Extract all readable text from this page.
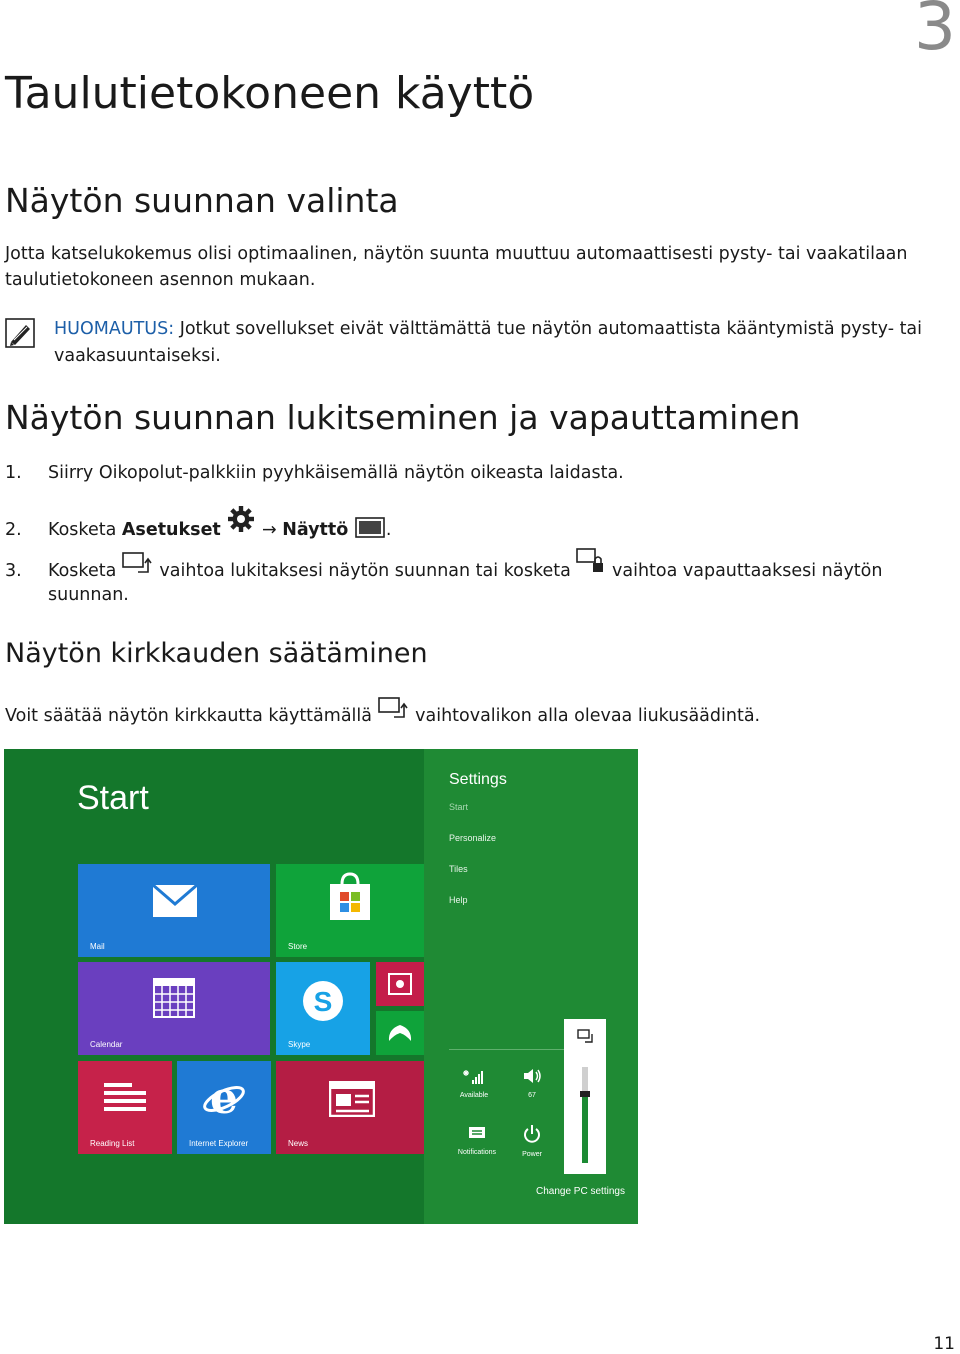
3
Taulutietokoneen käyttö
Näytön suunnan valinta

Jotta katselukokemus olisi optimaalinen, näytön suunta muuttuu automaattisesti pysty- tai vaakatilaan
taulutietokoneen asennon mukaan.

HUOMAUTUS: Jotkut sovellukset eivät välttämättä tue näytön automaattista kääntymistä pysty- tai
vaakasuuntaiseksi.

Näytön suunnan lukitseminen ja vapauttaminen
1. Siirry Oikopolut-palkkiin pyyhkäisemällä näytön oikeasta laidasta.
2. Kosketa Asetukset  → Näyttö .
3. Kosketa  vaihtoa lukitaksesi näytön suunnan tai kosketa  vaihtoa vapauttaaksesi näytön
suunnan.
Näytön kirkkauden säätäminen
Voit säätää näytön kirkkautta käyttämällä  vaihtovalikon alla olevaa liukusäädintä.
Start
Mail	Store
Calendar
S
Skype
Reading List
e
Internet Explorer	News
Settings
Start
Personalize
Tiles
Help
Available	67
Notifications	Power
Change PC settings
11
